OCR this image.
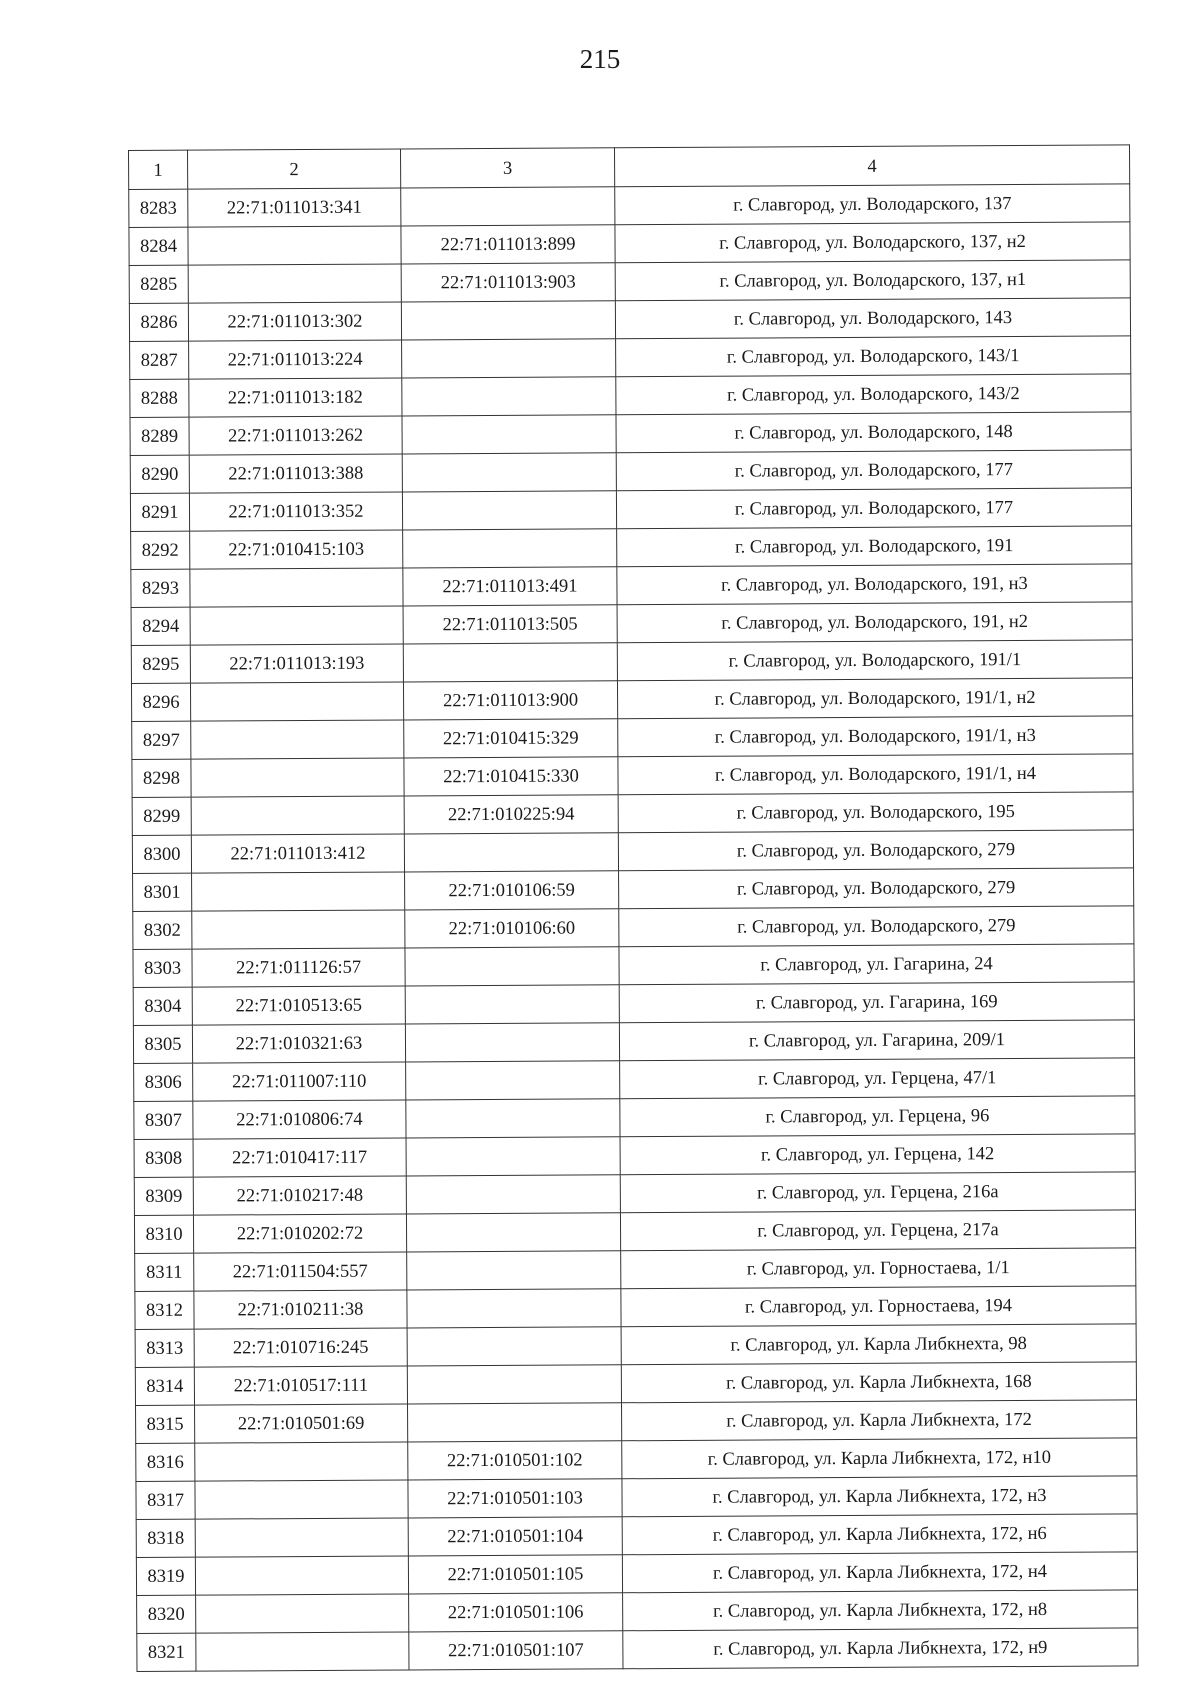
215
1	2	3	4
8283	22:71:011013:341		г. Славгород, ул. Володарского, 137
8284		22:71:011013:899	г. Славгород, ул. Володарского, 137, н2
8285		22:71:011013:903	г. Славгород, ул. Володарского, 137, н1
8286	22:71:011013:302		г. Славгород, ул. Володарского, 143
8287	22:71:011013:224		г. Славгород, ул. Володарского, 143/1
8288	22:71:011013:182		г. Славгород, ул. Володарского, 143/2
8289	22:71:011013:262		г. Славгород, ул. Володарского, 148
8290	22:71:011013:388		г. Славгород, ул. Володарского, 177
8291	22:71:011013:352		г. Славгород, ул. Володарского, 177
8292	22:71:010415:103		г. Славгород, ул. Володарского, 191
8293		22:71:011013:491	г. Славгород, ул. Володарского, 191, н3
8294		22:71:011013:505	г. Славгород, ул. Володарского, 191, н2
8295	22:71:011013:193		г. Славгород, ул. Володарского, 191/1
8296		22:71:011013:900	г. Славгород, ул. Володарского, 191/1, н2
8297		22:71:010415:329	г. Славгород, ул. Володарского, 191/1, н3
8298		22:71:010415:330	г. Славгород, ул. Володарского, 191/1, н4
8299		22:71:010225:94	г. Славгород, ул. Володарского, 195
8300	22:71:011013:412		г. Славгород, ул. Володарского, 279
8301		22:71:010106:59	г. Славгород, ул. Володарского, 279
8302		22:71:010106:60	г. Славгород, ул. Володарского, 279
8303	22:71:011126:57		г. Славгород, ул. Гагарина, 24
8304	22:71:010513:65		г. Славгород, ул. Гагарина, 169
8305	22:71:010321:63		г. Славгород, ул. Гагарина, 209/1
8306	22:71:011007:110		г. Славгород, ул. Герцена, 47/1
8307	22:71:010806:74		г. Славгород, ул. Герцена, 96
8308	22:71:010417:117		г. Славгород, ул. Герцена, 142
8309	22:71:010217:48		г. Славгород, ул. Герцена, 216а
8310	22:71:010202:72		г. Славгород, ул. Герцена, 217а
8311	22:71:011504:557		г. Славгород, ул. Горностаева, 1/1
8312	22:71:010211:38		г. Славгород, ул. Горностаева, 194
8313	22:71:010716:245		г. Славгород, ул. Карла Либкнехта, 98
8314	22:71:010517:111		г. Славгород, ул. Карла Либкнехта, 168
8315	22:71:010501:69		г. Славгород, ул. Карла Либкнехта, 172
8316		22:71:010501:102	г. Славгород, ул. Карла Либкнехта, 172, н10
8317		22:71:010501:103	г. Славгород, ул. Карла Либкнехта, 172, н3
8318		22:71:010501:104	г. Славгород, ул. Карла Либкнехта, 172, н6
8319		22:71:010501:105	г. Славгород, ул. Карла Либкнехта, 172, н4
8320		22:71:010501:106	г. Славгород, ул. Карла Либкнехта, 172, н8
8321		22:71:010501:107	г. Славгород, ул. Карла Либкнехта, 172, н9
